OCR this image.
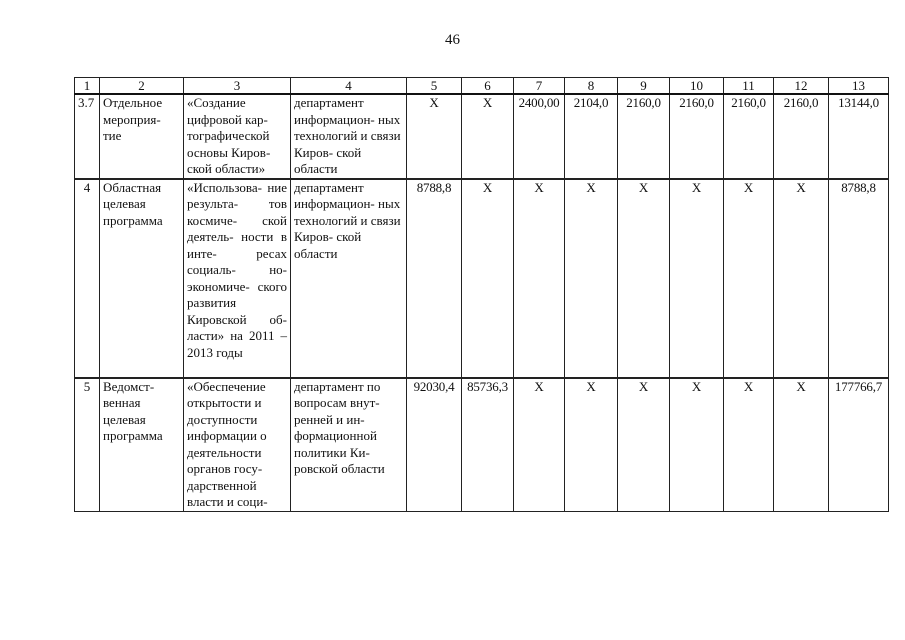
46
1	2	3	4	5	6	7	8	9	10	11	12	13
3.7	Отдельное мероприя- тие	«Создание цифровой кар- тографической основы Киров- ской области»	департамент информацион- ных технологий и связи Киров- ской области	X	X	2400,00	2104,0	2160,0	2160,0	2160,0	2160,0	13144,0
4	Областная целевая программа	«Использова- ние результа- тов космиче- ской деятель- ности в инте- ресах социаль- но-экономиче- ского развития Кировской об- ласти» на 2011 – 2013 годы	департамент информацион- ных технологий и связи Киров- ской области	8788,8	X	X	X	X	X	X	X	8788,8
5	Ведомст- венная целевая программа	«Обеспечение открытости и доступности информации о деятельности органов госу- дарственной власти и соци-	департамент по вопросам внут- ренней и ин- формационной политики Ки- ровской области	92030,4	85736,3	X	X	X	X	X	X	177766,7
